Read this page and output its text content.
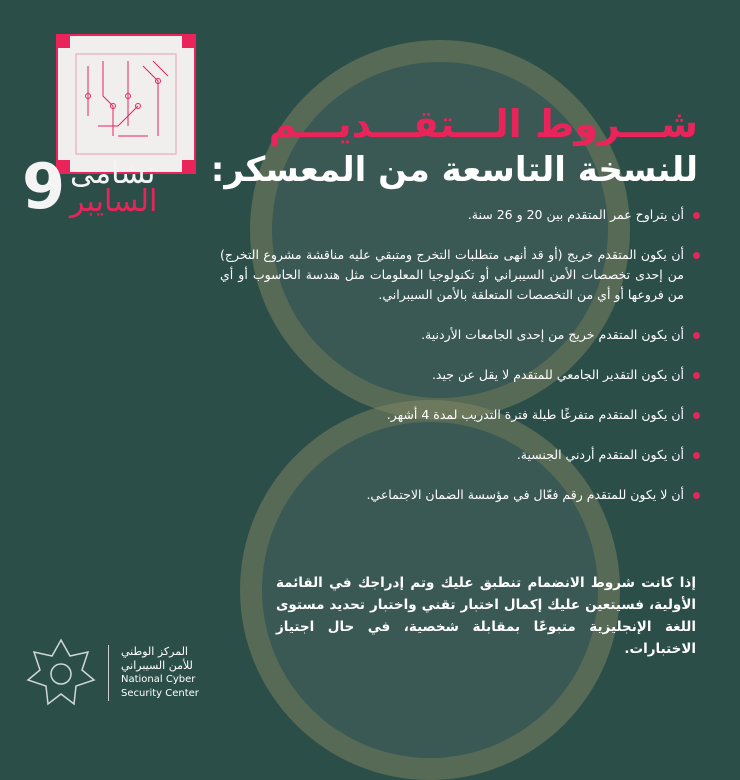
9 نشامى
السايبر
شـــروط الـــتقـــديـــم
للنسخة التاسعة من المعسكر:
أن يتراوح عمر المتقدم بين 20 و 26 سنة.
أن يكون المتقدم خريج (أو قد أنهى متطلبات التخرج ومتبقي عليه مناقشة مشروع التخرج) من إحدى تخصصات الأمن السيبراني أو تكنولوجيا المعلومات مثل هندسة الحاسوب أو أي من فروعها أو أي من التخصصات المتعلقة بالأمن السيبراني.
أن يكون المتقدم خريج من إحدى الجامعات الأردنية.
أن يكون التقدير الجامعي للمتقدم لا يقل عن جيد.
أن يكون المتقدم متفرغًا طيلة فترة التدريب لمدة 4 أشهر.
أن يكون المتقدم أردني الجنسية.
أن لا يكون للمتقدم رقم فعّال في مؤسسة الضمان الاجتماعي.

إذا كانت شروط الانضمام تنطبق عليك وتم إدراجك في القائمة الأولية، فسيتعين عليك إكمال اختبار تقني واختبار تحديد مستوى اللغة الإنجليزية متبوعًا بمقابلة شخصية، في حال اجتياز الاختبارات.

المركز الوطني
للأمن السيبراني
National Cyber
Security Center
